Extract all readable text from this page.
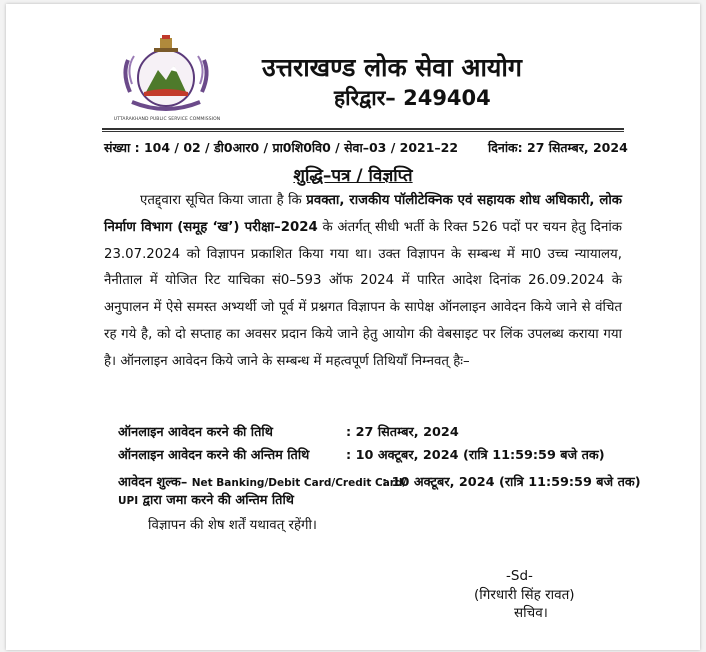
UTTARAKHAND PUBLIC SERVICE COMMISSION
उत्तराखण्ड लोक सेवा आयोग
हरिद्वार– 249404
संख्या : 104 / 02 / डी0आर0 / प्रा0शि0वि0 / सेवा–03 / 2021–22 दिनांक: 27 सितम्बर, 2024
शुद्धि–पत्र / विज्ञप्ति
एतद्द्वारा सूचित किया जाता है कि प्रवक्ता, राजकीय पॉलीटेक्निक एवं सहायक शोध अधिकारी, लोक निर्माण विभाग (समूह ‘ख’) परीक्षा–2024 के अंतर्गत् सीधी भर्ती के रिक्त 526 पदों पर चयन हेतु दिनांक 23.07.2024 को विज्ञापन प्रकाशित किया गया था। उक्त विज्ञापन के सम्बन्ध में मा0 उच्च न्यायालय, नैनीताल में योजित रिट याचिका सं0–593 ऑफ 2024 में पारित आदेश दिनांक 26.09.2024 के अनुपालन में ऐसे समस्त अभ्यर्थी जो पूर्व में प्रश्नगत विज्ञापन के सापेक्ष ऑनलाइन आवेदन किये जाने से वंचित रह गये है, को दो सप्ताह का अवसर प्रदान किये जाने हेतु आयोग की वेबसाइट पर लिंक उपलब्ध कराया गया है। ऑनलाइन आवेदन किये जाने के सम्बन्ध में महत्वपूर्ण तिथियॉं निम्नवत् हैः–
ऑनलाइन आवेदन करने की तिथि	: 27 सितम्बर, 2024
ऑनलाइन आवेदन करने की अन्तिम तिथि	: 10 अक्टूबर, 2024 (रात्रि 11:59:59 बजे तक)
आवेदन शुल्क– Net Banking/Debit Card/Credit Card/
: 10 अक्टूबर, 2024 (रात्रि 11:59:59 बजे तक)
UPI द्वारा जमा करने की अन्तिम तिथि
विज्ञापन की शेष शर्तें यथावत् रहेंगी।
-Sd-
(गिरधारी सिंह रावत)
सचिव।
